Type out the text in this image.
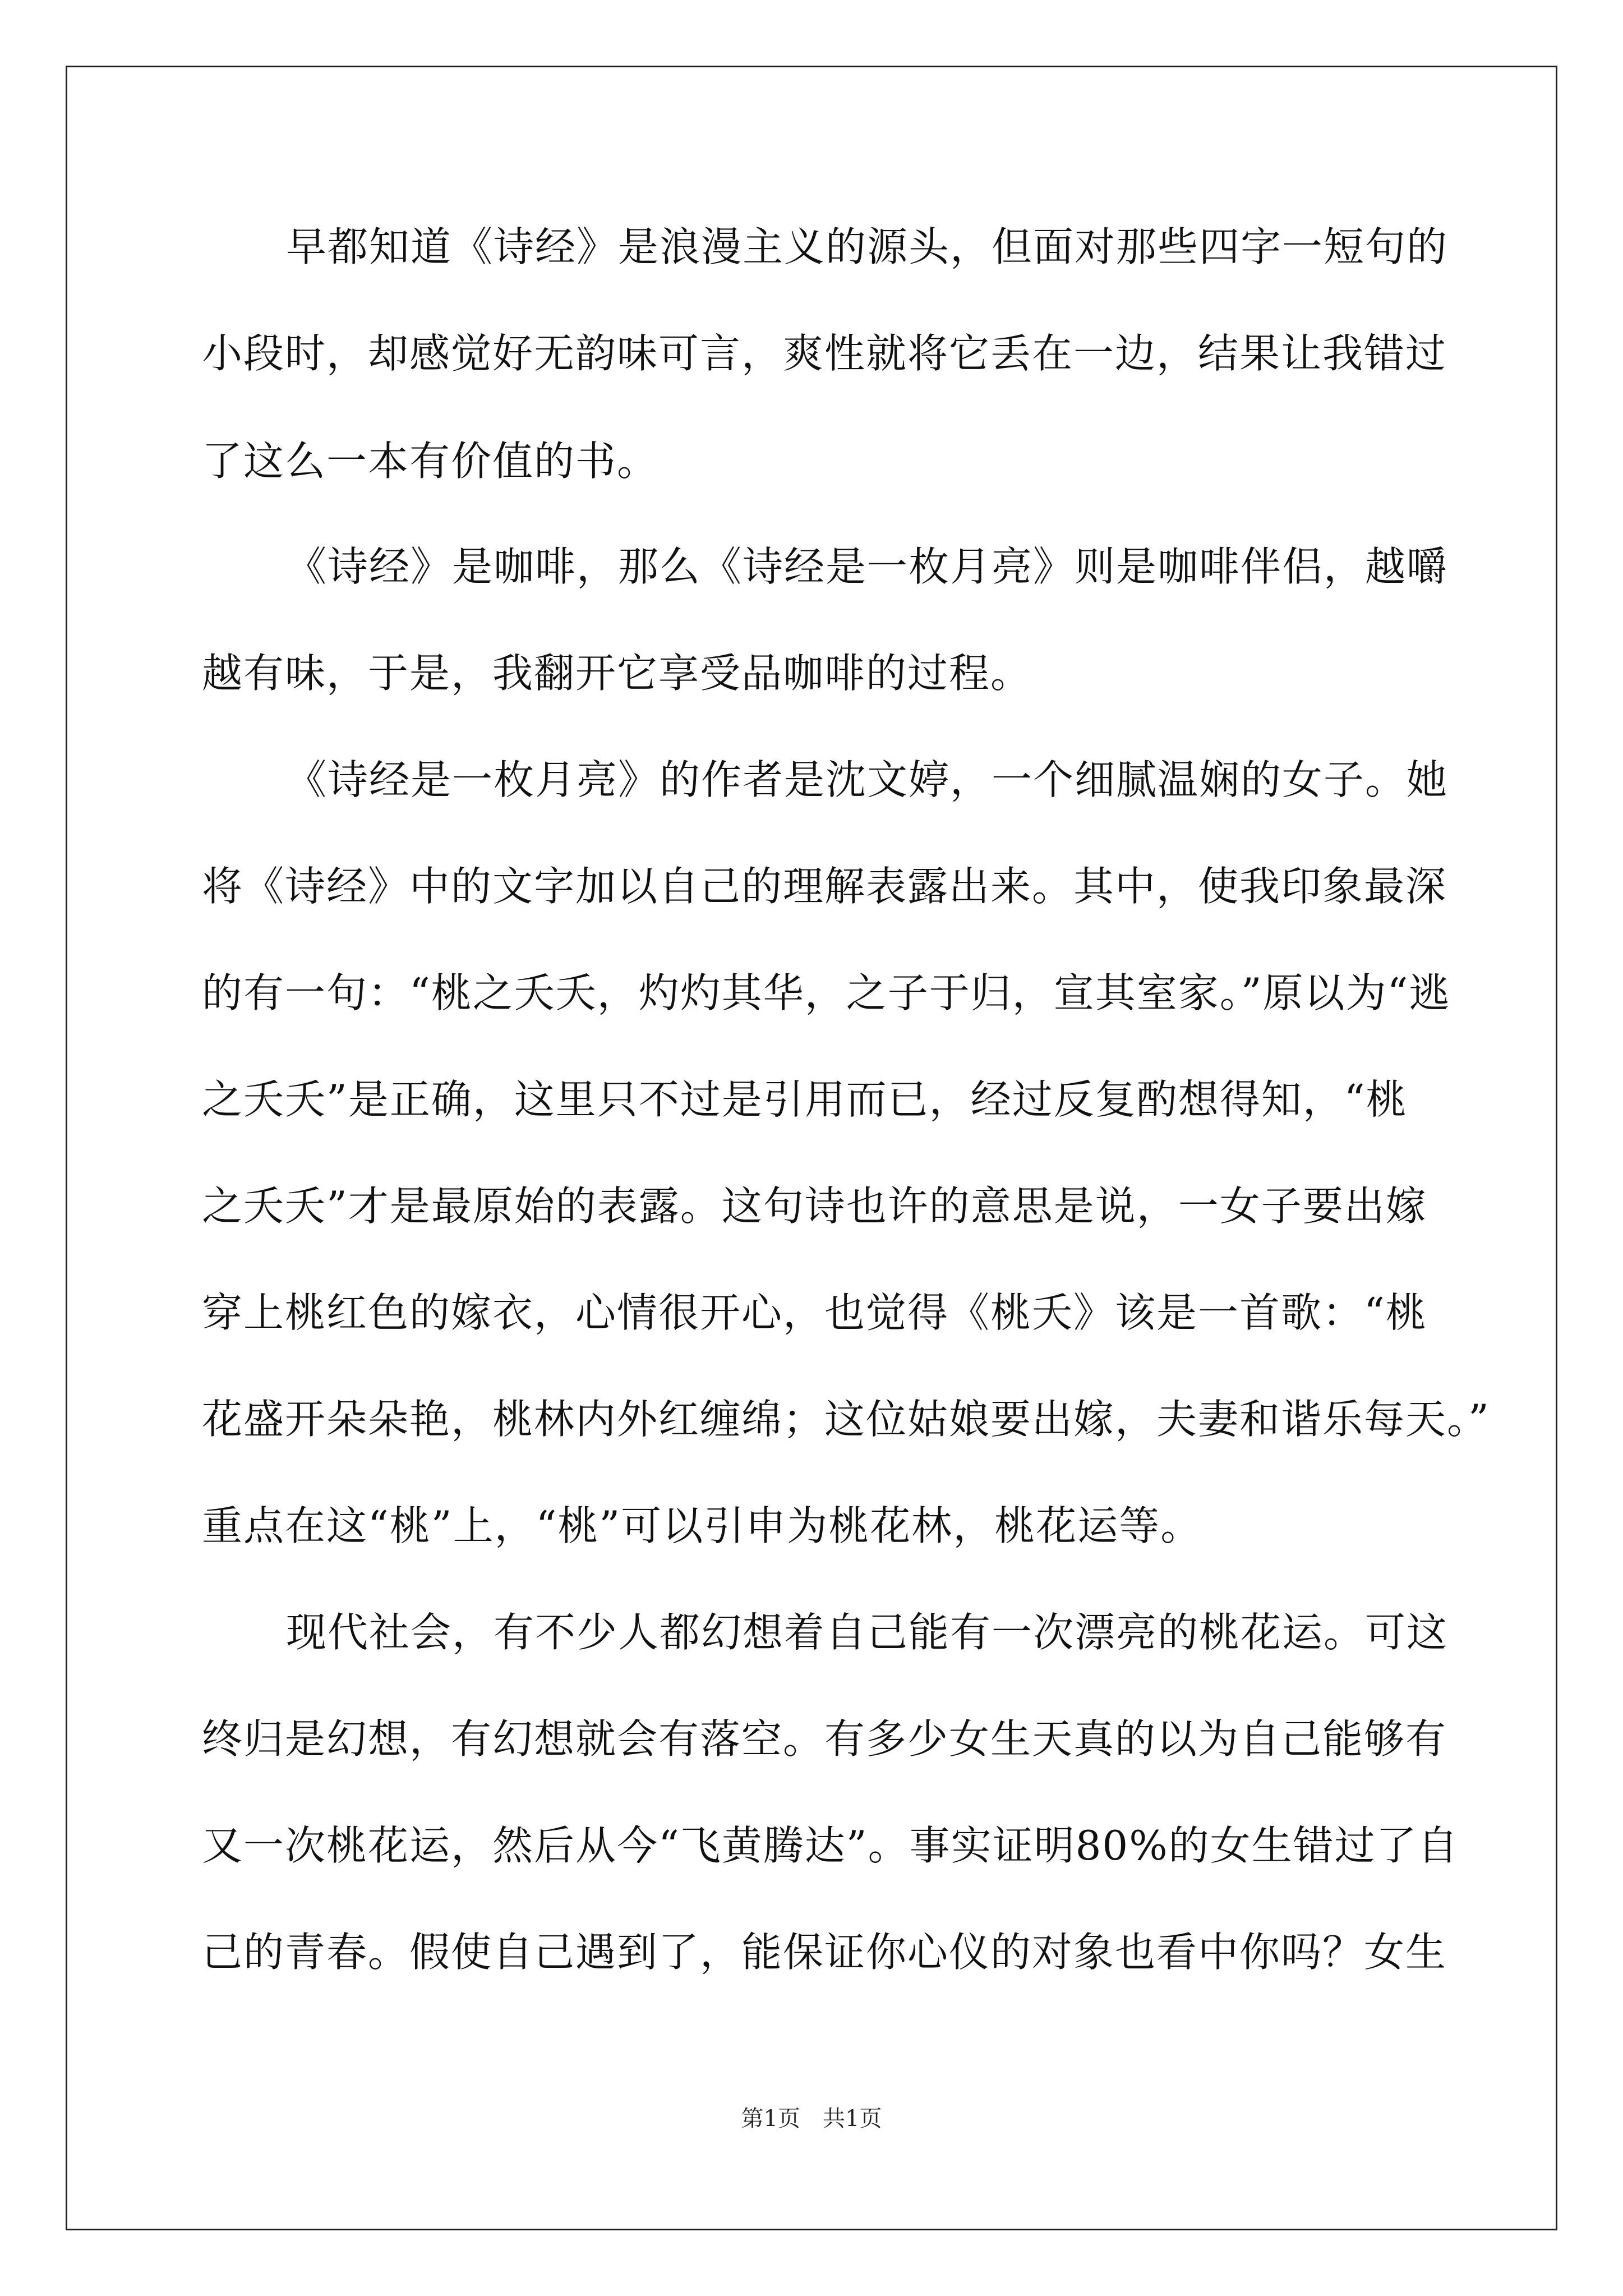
早都知道《诗经》是浪漫主义的源头，但面对那些四字一短句的
小段时，却感觉好无韵味可言，爽性就将它丢在一边，结果让我错过
了这么一本有价值的书。
《诗经》是咖啡，那么《诗经是一枚月亮》则是咖啡伴侣，越嚼
越有味，于是，我翻开它享受品咖啡的过程。
《诗经是一枚月亮》的作者是沈文婷，一个细腻温娴的女子。她
将《诗经》中的文字加以自己的理解表露出来。其中，使我印象最深
的有一句：“桃之夭夭，灼灼其华，之子于归，宣其室家。”原以为“逃
之夭夭”是正确，这里只不过是引用而已，经过反复酌想得知，“桃
之夭夭”才是最原始的表露。这句诗也许的意思是说，一女子要出嫁
穿上桃红色的嫁衣，心情很开心，也觉得《桃夭》该是一首歌：“桃
花盛开朵朵艳，桃林内外红缠绵；这位姑娘要出嫁，夫妻和谐乐每天。”
重点在这“桃”上，“桃”可以引申为桃花林，桃花运等。
现代社会，有不少人都幻想着自己能有一次漂亮的桃花运。可这
终归是幻想，有幻想就会有落空。有多少女生天真的以为自己能够有
又一次桃花运，然后从今“飞黄腾达”。事实证明80%的女生错过了自
己的青春。假使自己遇到了，能保证你心仪的对象也看中你吗？女生
第1页　共1页
